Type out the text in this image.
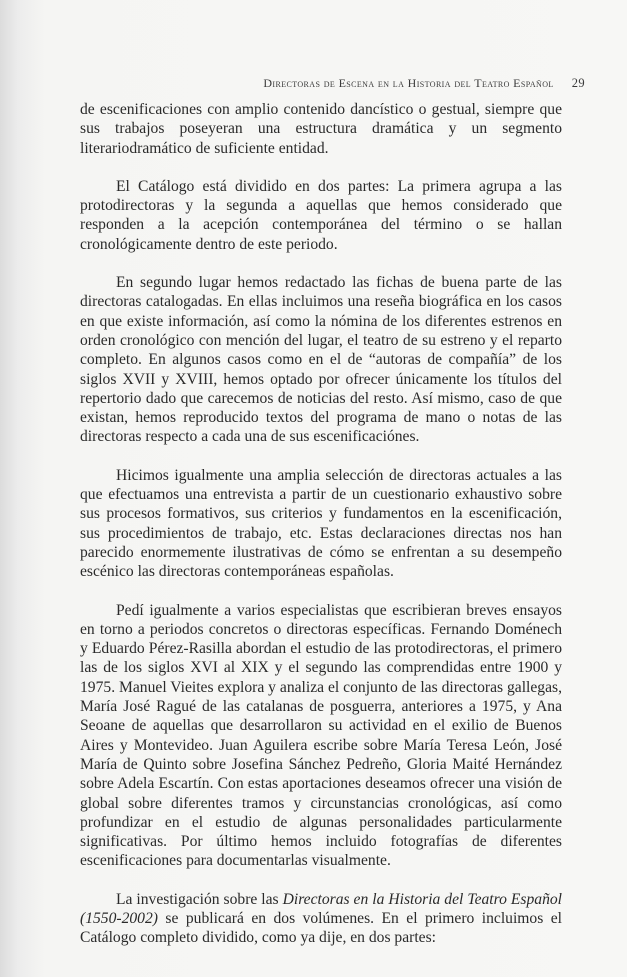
Directoras de Escena en la Historia del Teatro Español 29

de escenificaciones con amplio contenido dancístico o gestual, siempre que sus trabajos poseyeran una estructura dramática y un segmento literariodramático de suficiente entidad.

El Catálogo está dividido en dos partes: La primera agrupa a las protodirectoras y la segunda a aquellas que hemos considerado que responden a la acepción contemporánea del término o se hallan cronológicamente dentro de este periodo.

En segundo lugar hemos redactado las fichas de buena parte de las directoras catalogadas. En ellas incluimos una reseña biográfica en los casos en que existe información, así como la nómina de los diferentes estrenos en orden cronológico con mención del lugar, el teatro de su estreno y el reparto completo. En algunos casos como en el de “autoras de compañía” de los siglos XVII y XVIII, hemos optado por ofrecer únicamente los títulos del repertorio dado que carecemos de noticias del resto. Así mismo, caso de que existan, hemos reproducido textos del programa de mano o notas de las directoras respecto a cada una de sus escenificaciónes.

Hicimos igualmente una amplia selección de directoras actuales a las que efectuamos una entrevista a partir de un cuestionario exhaustivo sobre sus procesos formativos, sus criterios y fundamentos en la escenificación, sus procedimientos de trabajo, etc. Estas declaraciones directas nos han parecido enormemente ilustrativas de cómo se enfrentan a su desempeño escénico las directoras contemporáneas españolas.

Pedí igualmente a varios especialistas que escribieran breves ensayos en torno a periodos concretos o directoras específicas. Fernando Doménech y Eduardo Pérez-Rasilla abordan el estudio de las protodirectoras, el primero las de los siglos XVI al XIX y el segundo las comprendidas entre 1900 y 1975. Manuel Vieites explora y analiza el conjunto de las directoras gallegas, María José Ragué de las catalanas de posguerra, anteriores a 1975, y Ana Seoane de aquellas que desarrollaron su actividad en el exilio de Buenos Aires y Montevideo. Juan Aguilera escribe sobre María Teresa León, José María de Quinto sobre Josefina Sánchez Pedreño, Gloria Maité Hernández sobre Adela Escartín. Con estas aportaciones deseamos ofrecer una visión de global sobre diferentes tramos y circunstancias cronológicas, así como profundizar en el estudio de algunas personalidades particularmente significativas. Por último hemos incluido fotografías de diferentes escenificaciones para documentarlas visualmente.

La investigación sobre las Directoras en la Historia del Teatro Español (1550-2002) se publicará en dos volúmenes. En el primero incluimos el Catálogo completo dividido, como ya dije, en dos partes:
